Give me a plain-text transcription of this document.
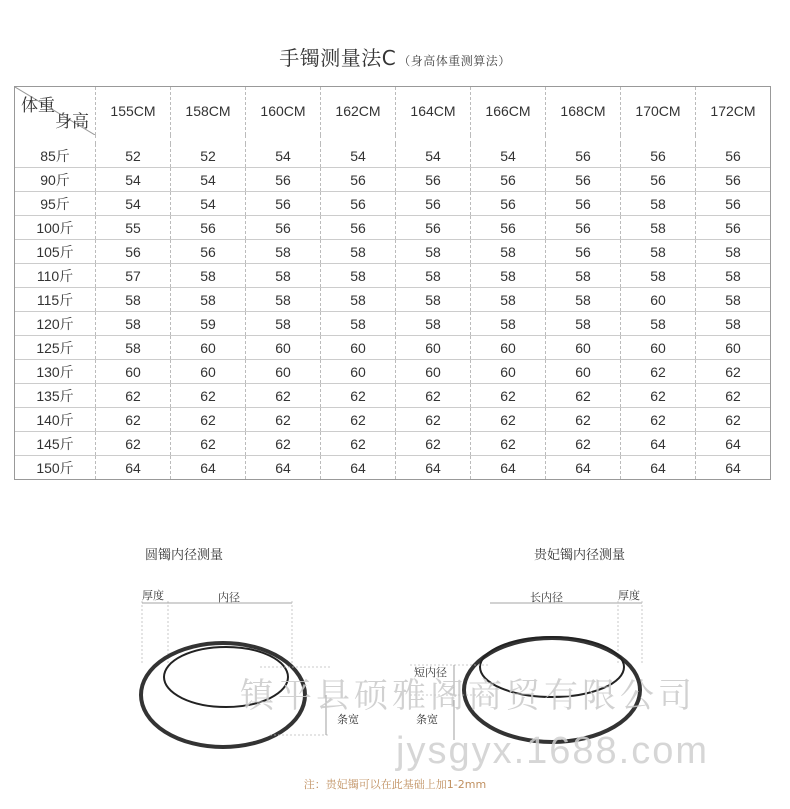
手镯测量法C （身高体重测算法）
体重
身高	155CM	158CM	160CM	162CM	164CM	166CM	168CM	170CM	172CM

85斤	52	52	54	54	54	54	56	56	56
90斤	54	54	56	56	56	56	56	56	56
95斤	54	54	56	56	56	56	56	58	56
100斤	55	56	56	56	56	56	56	58	56
105斤	56	56	58	58	58	58	56	58	58
110斤	57	58	58	58	58	58	58	58	58
115斤	58	58	58	58	58	58	58	60	58
120斤	58	59	58	58	58	58	58	58	58
125斤	58	60	60	60	60	60	60	60	60
130斤	60	60	60	60	60	60	60	62	62
135斤	62	62	62	62	62	62	62	62	62
140斤	62	62	62	62	62	62	62	62	62
145斤	62	62	62	62	62	62	62	64	64
150斤	64	64	64	64	64	64	64	64	64
圆镯内径测量
厚度	内径
条宽
贵妃镯内径测量
长内径	厚度
短内径
条宽
镇平县硕雅阁商贸有限公司
jysgyx.1688.com
注：贵妃镯可以在此基础上加1-2mm
